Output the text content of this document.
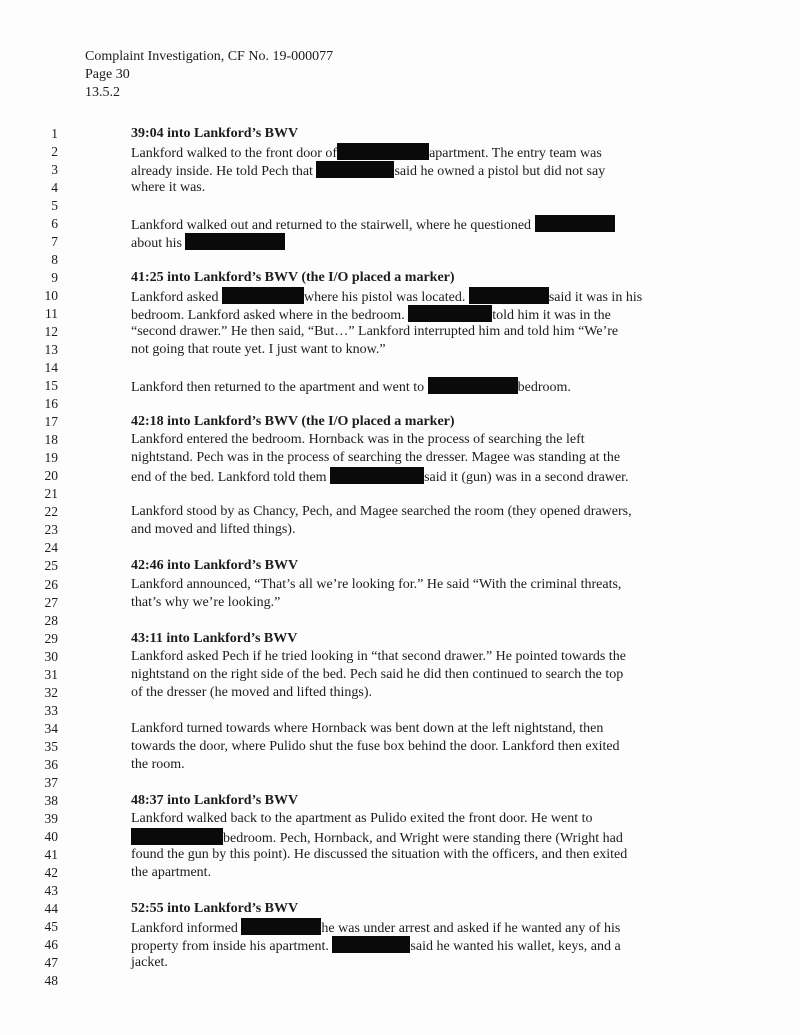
Complaint Investigation, CF No. 19-000077
Page 30
13.5.2
1	39:04 into Lankford’s BWV
2	Lankford walked to the front door of	apartment. The entry team was
3	already inside. He told Pech that	said he owned a pistol but did not say
4	where it was.
5
6	Lankford walked out and returned to the stairwell, where he questioned
7	about his
8
9	41:25 into Lankford’s BWV (the I/O placed a marker)
10	Lankford asked	where his pistol was located.	said it was in his
11	bedroom. Lankford asked where in the bedroom.	told him it was in the
12	“second drawer.” He then said, “But…” Lankford interrupted him and told him “We’re
13	not going that route yet. I just want to know.”
14
15	Lankford then returned to the apartment and went to	bedroom.
16
17	42:18 into Lankford’s BWV (the I/O placed a marker)
18	Lankford entered the bedroom. Hornback was in the process of searching the left
19	nightstand. Pech was in the process of searching the dresser. Magee was standing at the
20	end of the bed. Lankford told them	said it (gun) was in a second drawer.
21
22	Lankford stood by as Chancy, Pech, and Magee searched the room (they opened drawers,
23	and moved and lifted things).
24
25	42:46 into Lankford’s BWV
26	Lankford announced, “That’s all we’re looking for.” He said “With the criminal threats,
27	that’s why we’re looking.”
28
29	43:11 into Lankford’s BWV
30	Lankford asked Pech if he tried looking in “that second drawer.” He pointed towards the
31	nightstand on the right side of the bed. Pech said he did then continued to search the top
32	of the dresser (he moved and lifted things).
33
34	Lankford turned towards where Hornback was bent down at the left nightstand, then
35	towards the door, where Pulido shut the fuse box behind the door. Lankford then exited
36	the room.
37
38	48:37 into Lankford’s BWV
39	Lankford walked back to the apartment as Pulido exited the front door. He went to
40	bedroom. Pech, Hornback, and Wright were standing there (Wright had
41	found the gun by this point). He discussed the situation with the officers, and then exited
42	the apartment.
43
44	52:55 into Lankford’s BWV
45	Lankford informed	he was under arrest and asked if he wanted any of his
46	property from inside his apartment.	said he wanted his wallet, keys, and a
47	jacket.
48
